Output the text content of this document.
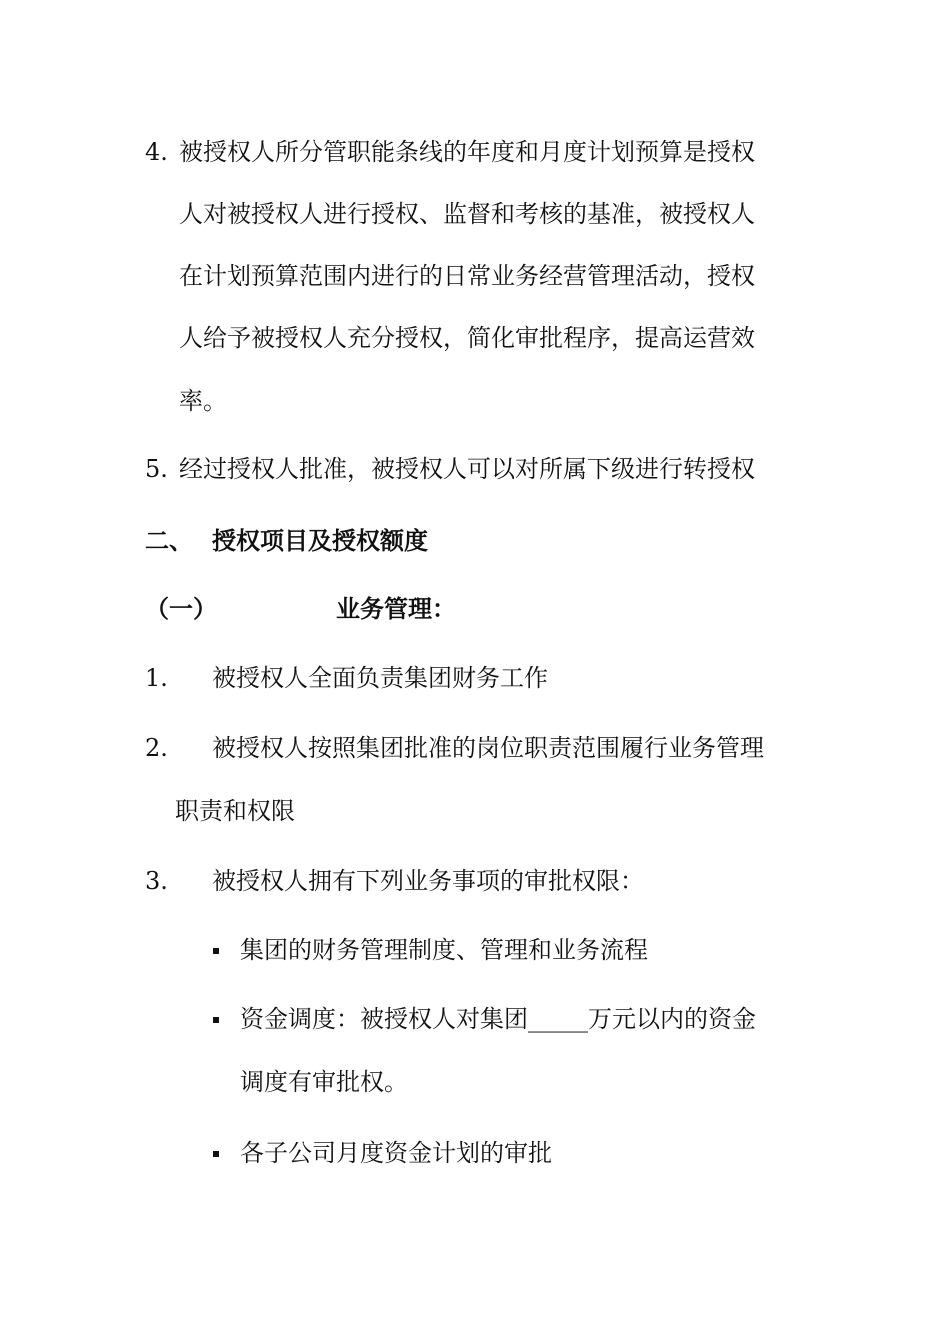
4. 被授权人所分管职能条线的年度和月度计划预算是授权
人对被授权人进行授权、监督和考核的基准，被授权人
在计划预算范围内进行的日常业务经营管理活动，授权
人给予被授权人充分授权，简化审批程序，提高运营效
率。
5. 经过授权人批准，被授权人可以对所属下级进行转授权
二、 授权项目及授权额度
（一）	业务管理：
1. 被授权人全面负责集团财务工作
2. 被授权人按照集团批准的岗位职责范围履行业务管理
职责和权限
3. 被授权人拥有下列业务事项的审批权限：
集团的财务管理制度、管理和业务流程
资金调度：被授权人对集团_____万元以内的资金
调度有审批权。
各子公司月度资金计划的审批
